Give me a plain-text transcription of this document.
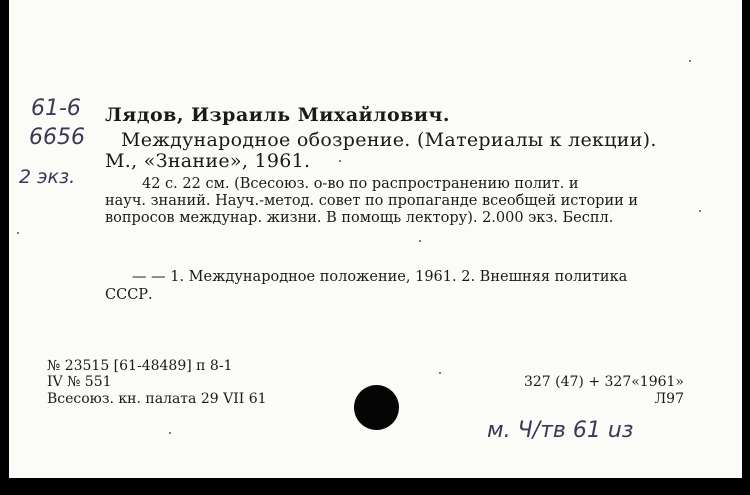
61-6
6656
2 экз.
Лядов, Израиль Михайлович.
Международное обозрение. (Материалы к лекции).
М., «Знание», 1961.
42 с. 22 см. (Всесоюз. о-во по распространению полит. и
науч. знаний. Науч.-метод. совет по пропаганде всеобщей истории и
вопросов междунар. жизни. В помощь лектору). 2.000 экз. Беспл.
— — 1. Международное положение, 1961. 2. Внешняя политика
СССР.
№ 23515 [61-48489] п 8-1
IV № 551
Всесоюз. кн. палата 29 VII 61
327 (47) + 327«1961»
Л97
м. Ч/тв 61 uз
